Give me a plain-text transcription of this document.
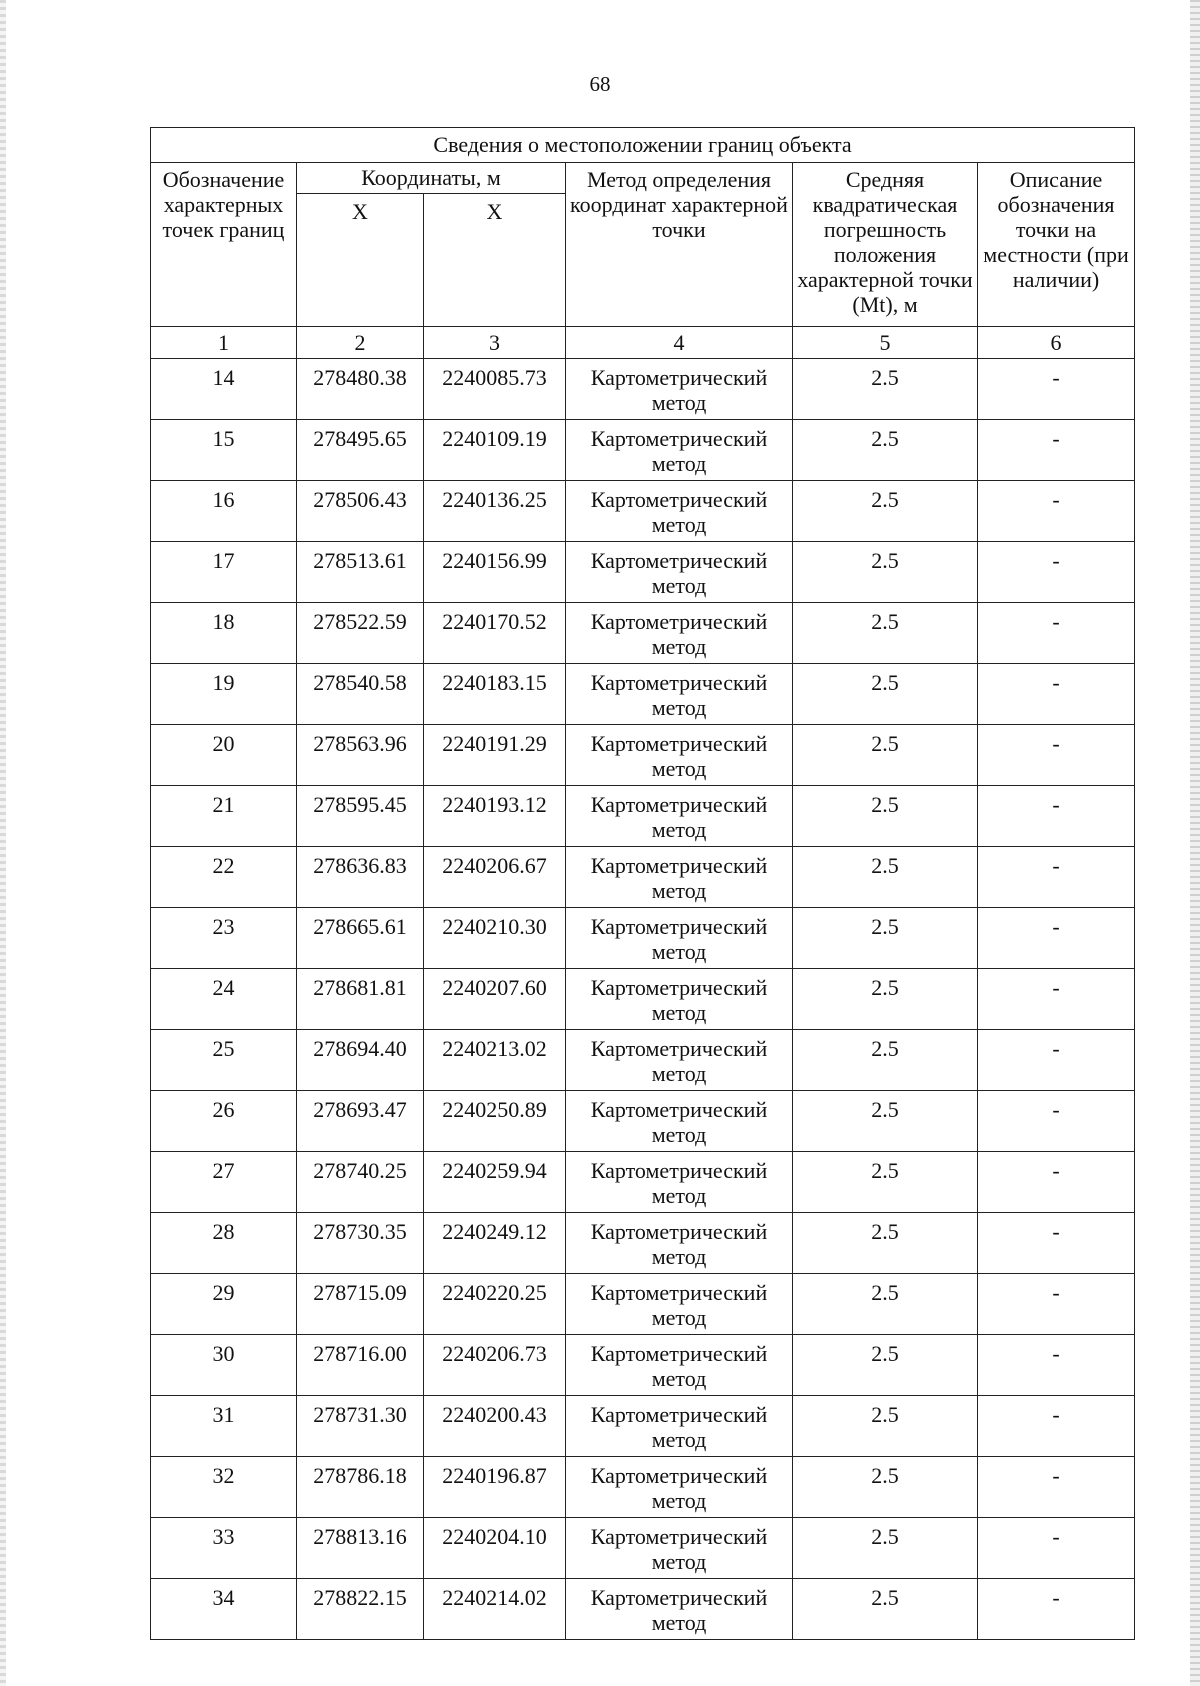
68
Сведения о местоположении границ объекта					
Обозначение характерных точек границ	Координаты, м		Метод определения координат характерной точки	Средняя квадратическая погрешность положения характерной точки (Mt), м	Описание обозначения точки на местности (при наличии)
	X	X			
1	2	3	4	5	6
14	278480.38	2240085.73	Картометрический метод	2.5	-
15	278495.65	2240109.19	Картометрический метод	2.5	-
16	278506.43	2240136.25	Картометрический метод	2.5	-
17	278513.61	2240156.99	Картометрический метод	2.5	-
18	278522.59	2240170.52	Картометрический метод	2.5	-
19	278540.58	2240183.15	Картометрический метод	2.5	-
20	278563.96	2240191.29	Картометрический метод	2.5	-
21	278595.45	2240193.12	Картометрический метод	2.5	-
22	278636.83	2240206.67	Картометрический метод	2.5	-
23	278665.61	2240210.30	Картометрический метод	2.5	-
24	278681.81	2240207.60	Картометрический метод	2.5	-
25	278694.40	2240213.02	Картометрический метод	2.5	-
26	278693.47	2240250.89	Картометрический метод	2.5	-
27	278740.25	2240259.94	Картометрический метод	2.5	-
28	278730.35	2240249.12	Картометрический метод	2.5	-
29	278715.09	2240220.25	Картометрический метод	2.5	-
30	278716.00	2240206.73	Картометрический метод	2.5	-
31	278731.30	2240200.43	Картометрический метод	2.5	-
32	278786.18	2240196.87	Картометрический метод	2.5	-
33	278813.16	2240204.10	Картометрический метод	2.5	-
34	278822.15	2240214.02	Картометрический метод	2.5	-
